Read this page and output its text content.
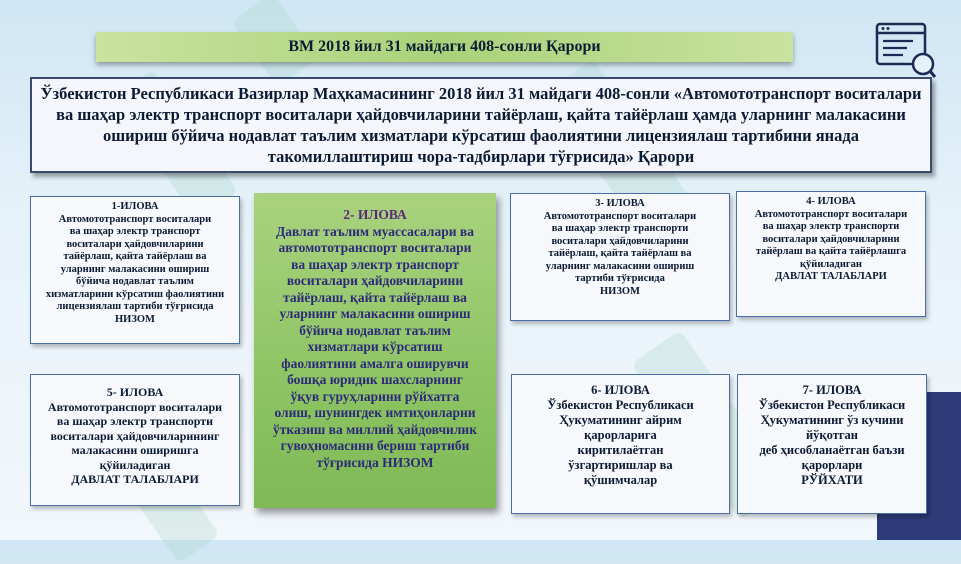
ВМ 2018 йил 31 майдаги 408-сонли Қарори
Ўзбекистон Республикаси Вазирлар Маҳкамасининг 2018 йил 31 майдаги 408-сонли «Автомототранспорт воситалари ва шаҳар электр транспорт воситалари ҳайдовчиларини тайёрлаш, қайта тайёрлаш ҳамда уларнинг малакасини ошириш бўйича нодавлат таълим хизматлари кўрсатиш фаолиятини лицензиялаш тартибини янада такомиллаштириш чора-тадбирлари тўғрисида» Қарори
1-ИЛОВА
Автомототранспорт воситалари
ва шаҳар электр транспорт
воситалари ҳайдовчиларини
тайёрлаш, қайта тайёрлаш ва
уларнинг малакасини ошириш
бўйича нодавлат таълим
хизматларини кўрсатиш фаолиятини
лицензиялаш тартиби тўғрисида
НИЗОМ
2- ИЛОВА
Давлат таълим муассасалари ва
автомототранспорт воситалари
ва шаҳар электр транспорт
воситалари ҳайдовчиларини
тайёрлаш, қайта тайёрлаш ва
уларнинг малакасини ошириш
бўйича нодавлат таълим
хизматлари кўрсатиш
фаолиятини амалга оширувчи
бошқа юридик шахсларнинг
ўқув гуруҳларини рўйхатга
олиш, шунингдек имтиҳонларни
ўтказиш ва миллий ҳайдовчилик
гувоҳномасини бериш тартиби
тўғрисида НИЗОМ
3- ИЛОВА
Автомототранспорт воситалари
ва шаҳар электр транспорти
воситалари ҳайдовчиларини
тайёрлаш, қайта тайёрлаш ва
уларнинг малакасини ошириш
тартиби тўғрисида
НИЗОМ
4- ИЛОВА
Автомототранспорт воситалари
ва шаҳар электр транспорти
воситалари ҳайдовчиларини
тайёрлаш ва қайта тайёрлашга
қўйиладиган
ДАВЛАТ ТАЛАБЛАРИ
5- ИЛОВА
Автомототранспорт воситалари
ва шаҳар электр транспорти
воситалари ҳайдовчиларининг
малакасини оширишга
қўйиладиган
ДАВЛАТ ТАЛАБЛАРИ
6- ИЛОВА
Ўзбекистон Республикаси
Ҳукуматининг айрим
қарорларига
киритилаётган
ўзгартиришлар ва
қўшимчалар
7- ИЛОВА
Ўзбекистон Республикаси
Ҳукуматининг ўз кучини
йўқотган
деб ҳисобланаётган баъзи
қарорлари
РЎЙХАТИ
